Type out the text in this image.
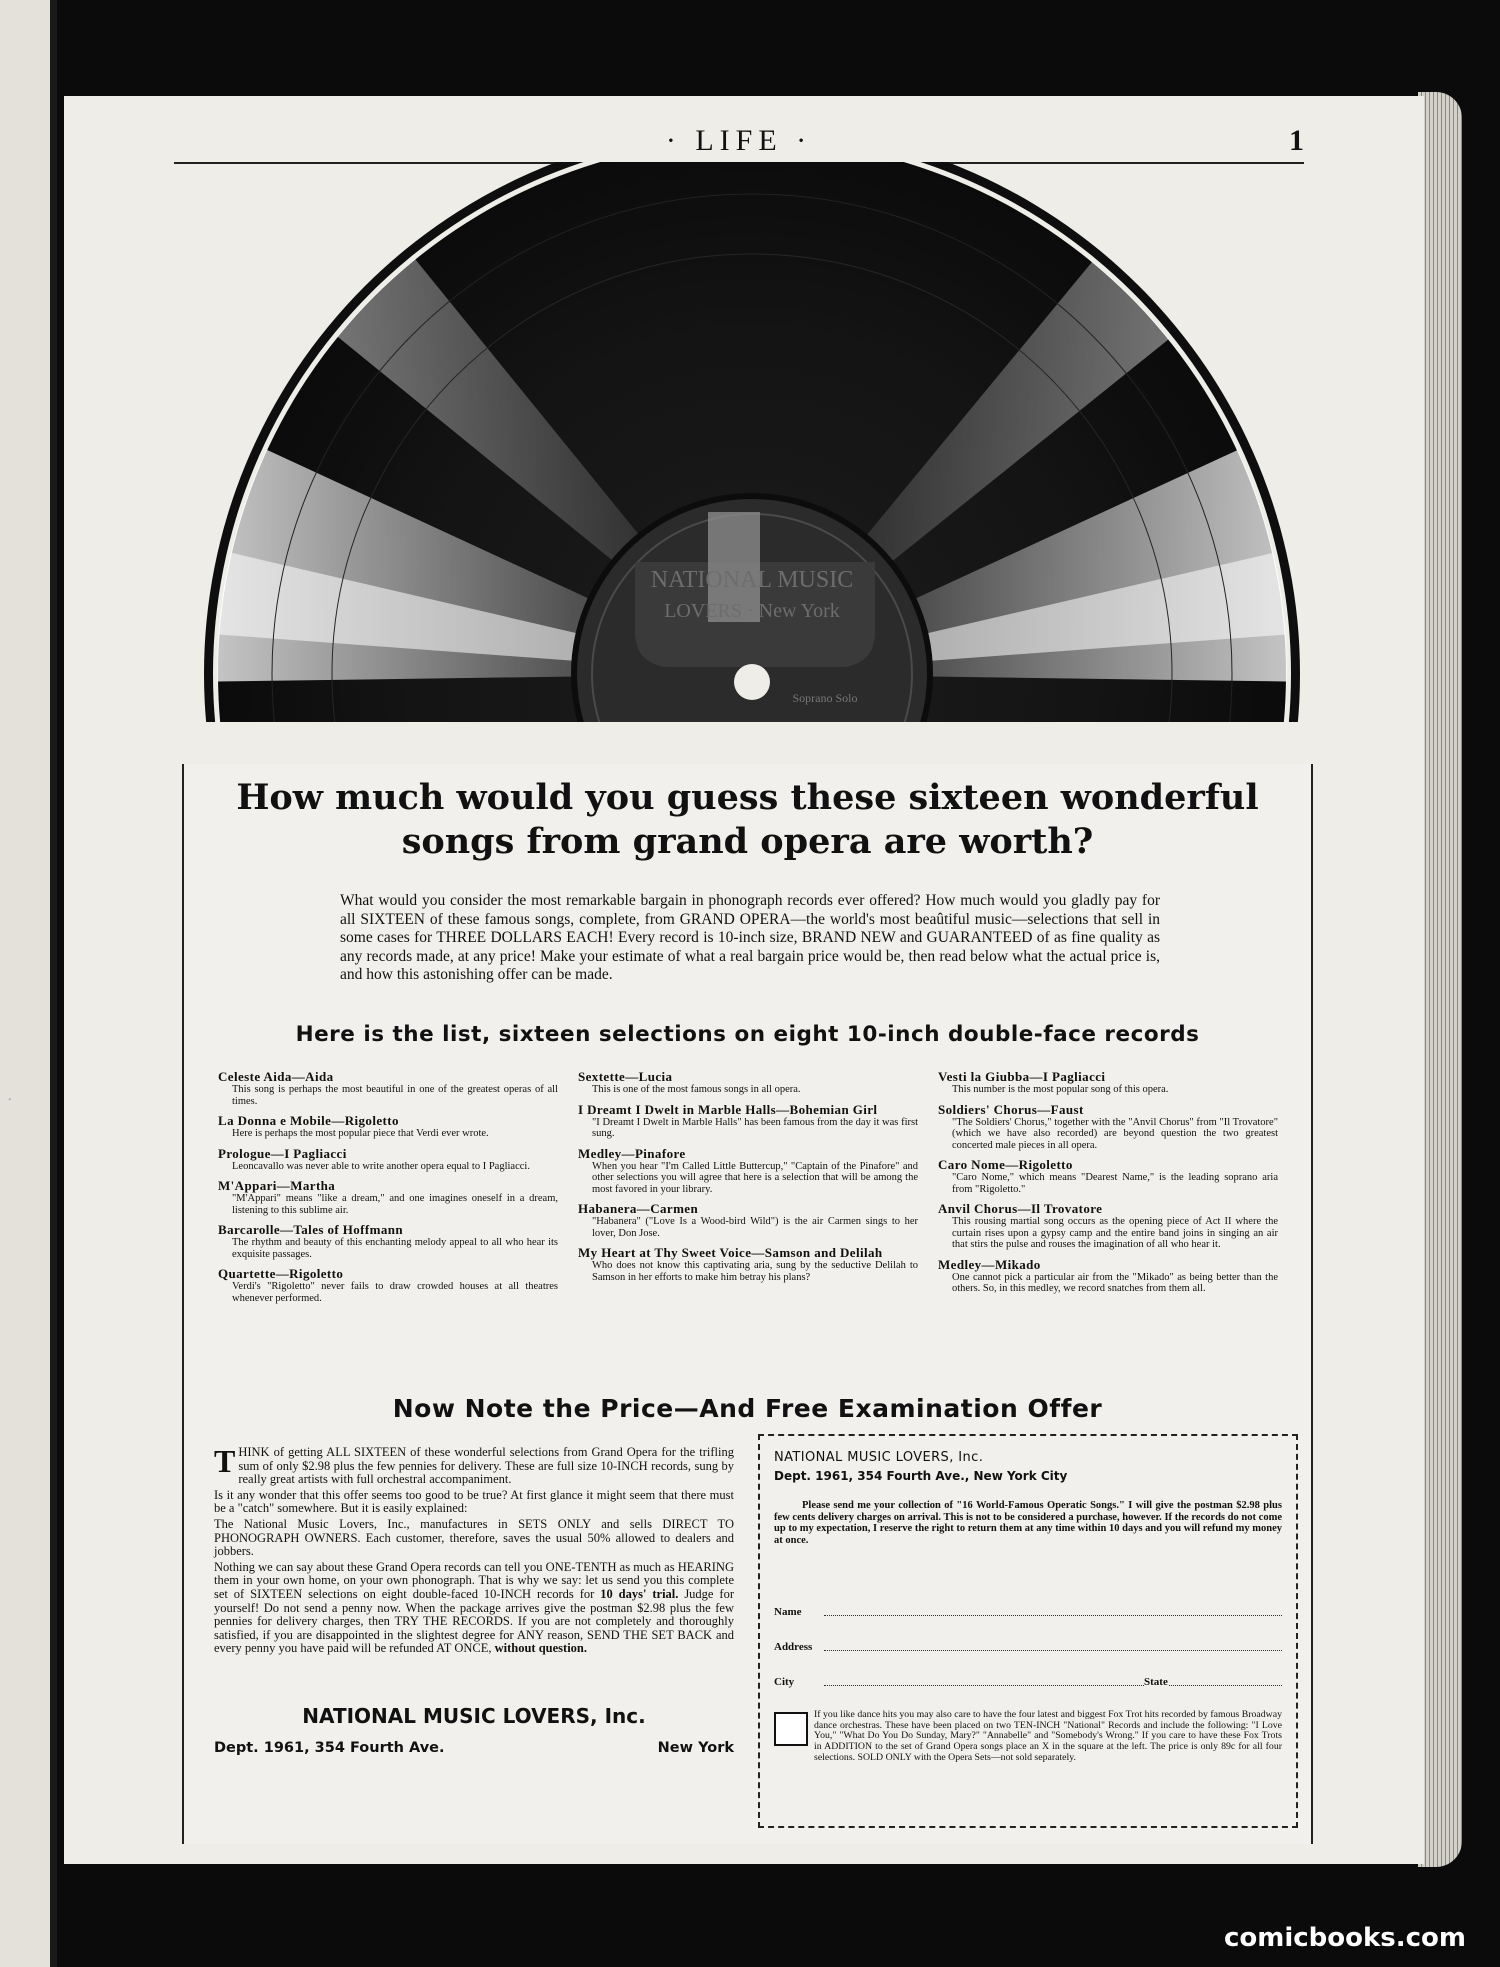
· LIFE ·	1
NATIONAL MUSIC
LOVERS · New York
Soprano Solo
How much would you guess these sixteen wonderful
songs from grand opera are worth?

What would you consider the most remarkable bargain in phonograph records ever offered? How much would you gladly pay for all SIXTEEN of these famous songs, complete, from GRAND OPERA—the world's most beaûtiful music—selections that sell in some cases for THREE DOLLARS EACH! Every record is 10-inch size, BRAND NEW and GUARANTEED of as fine quality as any records made, at any price! Make your estimate of what a real bargain price would be, then read below what the actual price is, and how this astonishing offer can be made.

Here is the list, sixteen selections on eight 10-inch double-face records
Celeste Aida—Aida
This song is perhaps the most beautiful in one of the greatest operas of all times.
La Donna e Mobile—Rigoletto
Here is perhaps the most popular piece that Verdi ever wrote.
Prologue—I Pagliacci
Leoncavallo was never able to write another opera equal to I Pagliacci.
M'Appari—Martha
"M'Appari" means "like a dream," and one imagines oneself in a dream, listening to this sublime air.
Barcarolle—Tales of Hoffmann
The rhythm and beauty of this enchanting melody appeal to all who hear its exquisite passages.
Quartette—Rigoletto
Verdi's "Rigoletto" never fails to draw crowded houses at all theatres whenever performed.
Sextette—Lucia
This is one of the most famous songs in all opera.
I Dreamt I Dwelt in Marble Halls—Bohemian Girl
"I Dreamt I Dwelt in Marble Halls" has been famous from the day it was first sung.
Medley—Pinafore
When you hear "I'm Called Little Buttercup," "Captain of the Pinafore" and other selections you will agree that here is a selection that will be among the most favored in your library.
Habanera—Carmen
"Habanera" ("Love Is a Wood-bird Wild") is the air Carmen sings to her lover, Don Jose.
My Heart at Thy Sweet Voice—Samson and Delilah
Who does not know this captivating aria, sung by the seductive Delilah to Samson in her efforts to make him betray his plans?
Vesti la Giubba—I Pagliacci
This number is the most popular song of this opera.
Soldiers' Chorus—Faust
"The Soldiers' Chorus," together with the "Anvil Chorus" from "Il Trovatore" (which we have also recorded) are beyond question the two greatest concerted male pieces in all opera.
Caro Nome—Rigoletto
"Caro Nome," which means "Dearest Name," is the leading soprano aria from "Rigoletto."
Anvil Chorus—Il Trovatore
This rousing martial song occurs as the opening piece of Act II where the curtain rises upon a gypsy camp and the entire band joins in singing an air that stirs the pulse and rouses the imagination of all who hear it.
Medley—Mikado
One cannot pick a particular air from the "Mikado" as being better than the others. So, in this medley, we record snatches from them all.
Now Note the Price—And Free Examination Offer

THINK of getting ALL SIXTEEN of these wonderful selections from Grand Opera for the trifling sum of only $2.98 plus the few pennies for delivery. These are full size 10-INCH records, sung by really great artists with full orchestral accompaniment.

Is it any wonder that this offer seems too good to be true? At first glance it might seem that there must be a "catch" somewhere. But it is easily explained:

The National Music Lovers, Inc., manufactures in SETS ONLY and sells DIRECT TO PHONOGRAPH OWNERS. Each customer, therefore, saves the usual 50% allowed to dealers and jobbers.

Nothing we can say about these Grand Opera records can tell you ONE-TENTH as much as HEARING them in your own home, on your own phonograph. That is why we say: let us send you this complete set of SIXTEEN selections on eight double-faced 10-INCH records for 10 days' trial. Judge for yourself! Do not send a penny now. When the package arrives give the postman $2.98 plus the few pennies for delivery charges, then TRY THE RECORDS. If you are not completely and thoroughly satisfied, if you are disappointed in the slightest degree for ANY reason, SEND THE SET BACK and every penny you have paid will be refunded AT ONCE, without question.

NATIONAL MUSIC LOVERS, Inc.
Dept. 1961, 354 Fourth Ave.	New York
NATIONAL MUSIC LOVERS, Inc.
Dept. 1961, 354 Fourth Ave., New York City

Please send me your collection of "16 World-Famous Operatic Songs." I will give the postman $2.98 plus few cents delivery charges on arrival. This is not to be considered a purchase, however. If the records do not come up to my expectation, I reserve the right to return them at any time within 10 days and you will refund my money at once.

Name
Address
City	State

If you like dance hits you may also care to have the four latest and biggest Fox Trot hits recorded by famous Broadway dance orchestras. These have been placed on two TEN-INCH "National" Records and include the following: "I Love You," "What Do You Do Sunday, Mary?" "Annabelle" and "Somebody's Wrong." If you care to have these Fox Trots in ADDITION to the set of Grand Opera songs place an X in the square at the left. The price is only 89c for all four selections. SOLD ONLY with the Opera Sets—not sold separately.

•
comicbooks.com
